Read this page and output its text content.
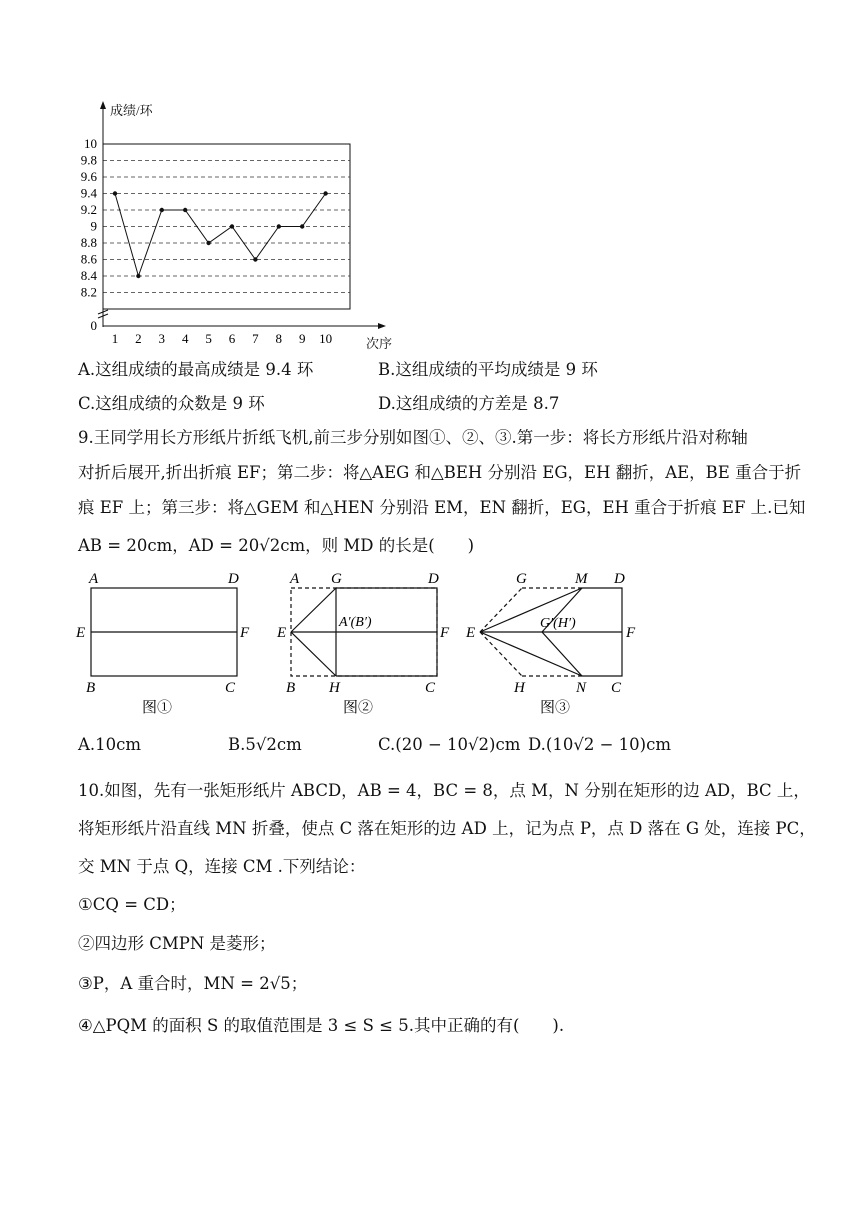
成绩/环
次序
10
9.8
9.6
9.4
9.2
9
8.8
8.6
8.4
8.2
0
1 2 3 4 5 6 7 8 9 10
A.这组成绩的最高成绩是 9.4 环	B.这组成绩的平均成绩是 9 环
C.这组成绩的众数是 9 环	D.这组成绩的方差是 8.7
9.王同学用长方形纸片折纸飞机,前三步分别如图①、②、③.第一步：将长方形纸片沿对称轴
对折后展开,折出折痕 EF；第二步：将△AEG 和△BEH 分别沿 EG，EH 翻折，AE，BE 重合于折
痕 EF 上；第三步：将△GEM 和△HEN 分别沿 EM，EN 翻折，EG，EH 重合于折痕 EF 上.已知
AB = 20cm，AD = 20√2cm，则 MD 的长是(　　)
A	D
E	F
B	C
图①
A G	D
E
A′(B′)
F
B H	C
图②
G	M D
E
G′(H′)
F
H	N C
图③
A.10cm	B.5√2cm	C.(20 − 10√2)cm D.(10√2 − 10)cm
10.如图，先有一张矩形纸片 ABCD，AB = 4，BC = 8，点 M，N 分别在矩形的边 AD，BC 上，
将矩形纸片沿直线 MN 折叠，使点 C 落在矩形的边 AD 上，记为点 P，点 D 落在 G 处，连接 PC，
交 MN 于点 Q，连接 CM .下列结论：
①CQ = CD；
②四边形 CMPN 是菱形；
③P，A 重合时，MN = 2√5；
④△PQM 的面积 S 的取值范围是 3 ≤ S ≤ 5.其中正确的有(　　).
